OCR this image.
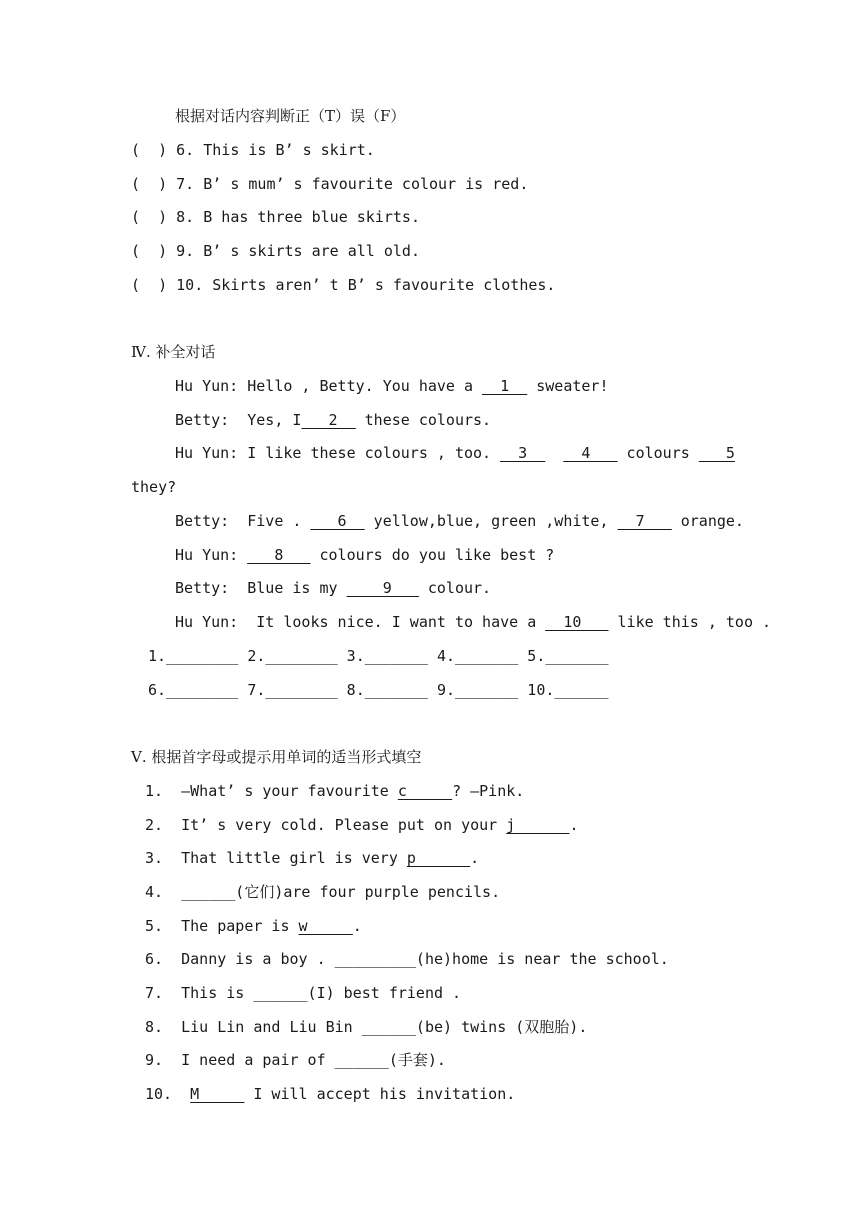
根据对话内容判断正（T）误（F）
(  ) 6. This is B’ s skirt.
(  ) 7. B’ s mum’ s favourite colour is red.
(  ) 8. B has three blue skirts.
(  ) 9. B’ s skirts are all old.
(  ) 10. Skirts aren’ t B’ s favourite clothes.
Ⅳ. 补全对话
Hu Yun: Hello , Betty. You have a __1__ sweater!
Betty:  Yes, I___2__ these colours.
Hu Yun: I like these colours , too. __3__ __4___ colours ___5
they?
Betty:  Five . ___6__ yellow,blue, green ,white, __7___ orange.
Hu Yun: ___8___ colours do you like best ?
Betty:  Blue is my ____9___ colour.
Hu Yun:  It looks nice. I want to have a __10___ like this , too .
1.________ 2.________ 3._______ 4._______ 5._______
6.________ 7.________ 8._______ 9._______ 10.______
Ⅴ. 根据首字母或提示用单词的适当形式填空
1.  —What’ s your favourite c_____? —Pink.
2.  It’ s very cold. Please put on your j______.
3.  That little girl is very p______.
4.  ______(它们)are four purple pencils.
5.  The paper is w_____.
6.  Danny is a boy . _________(he)home is near the school.
7.  This is ______(I) best friend .
8.  Liu Lin and Liu Bin ______(be) twins (双胞胎).
9.  I need a pair of ______(手套).
10.  M_____ I will accept his invitation.
